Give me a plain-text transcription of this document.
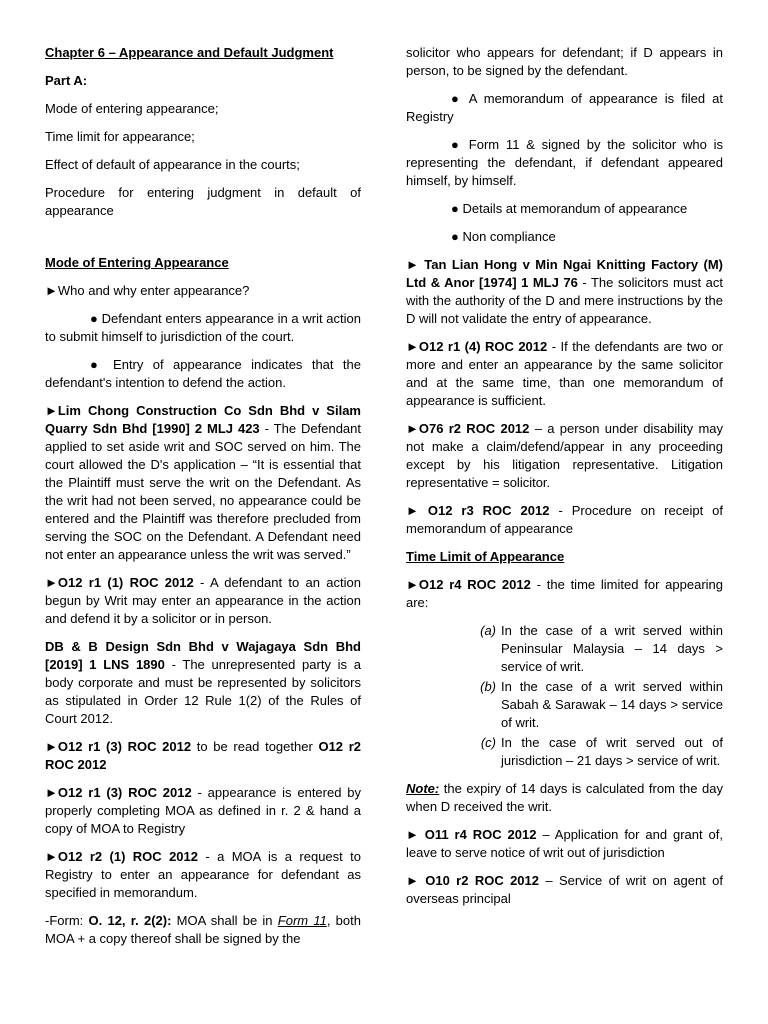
Chapter 6 – Appearance and Default Judgment

Part A:

Mode of entering appearance;

Time limit for appearance;

Effect of default of appearance in the courts;

Procedure for entering judgment in default of appearance

Mode of Entering Appearance

►Who and why enter appearance?

● Defendant enters appearance in a writ action to submit himself to jurisdiction of the court.

● Entry of appearance indicates that the defendant's intention to defend the action.

►Lim Chong Construction Co Sdn Bhd v Silam Quarry Sdn Bhd [1990] 2 MLJ 423 - The Defendant applied to set aside writ and SOC served on him. The court allowed the D's application – “It is essential that the Plaintiff must serve the writ on the Defendant. As the writ had not been served, no appearance could be entered and the Plaintiff was therefore precluded from serving the SOC on the Defendant. A Defendant need not enter an appearance unless the writ was served.”

►O12 r1 (1) ROC 2012 - A defendant to an action begun by Writ may enter an appearance in the action and defend it by a solicitor or in person.

DB & B Design Sdn Bhd v Wajagaya Sdn Bhd [2019] 1 LNS 1890 - The unrepresented party is a body corporate and must be represented by solicitors as stipulated in Order 12 Rule 1(2) of the Rules of Court 2012.

►O12 r1 (3) ROC 2012 to be read together O12 r2 ROC 2012

►O12 r1 (3) ROC 2012 - appearance is entered by properly completing MOA as defined in r. 2 & hand a copy of MOA to Registry

►O12 r2 (1) ROC 2012 - a MOA is a request to Registry to enter an appearance for defendant as specified in memorandum.

-Form: O. 12, r. 2(2): MOA shall be in Form 11, both MOA + a copy thereof shall be signed by the

solicitor who appears for defendant; if D appears in person, to be signed by the defendant.

● A memorandum of appearance is filed at Registry

● Form 11 & signed by the solicitor who is representing the defendant, if defendant appeared himself, by himself.

● Details at memorandum of appearance

● Non compliance

► Tan Lian Hong v Min Ngai Knitting Factory (M) Ltd & Anor [1974] 1 MLJ 76 - The solicitors must act with the authority of the D and mere instructions by the D will not validate the entry of appearance.

►O12 r1 (4) ROC 2012 - If the defendants are two or more and enter an appearance by the same solicitor and at the same time, than one memorandum of appearance is sufficient.

►O76 r2 ROC 2012 – a person under disability may not make a claim/defend/appear in any proceeding except by his litigation representative. Litigation representative = solicitor.

► O12 r3 ROC 2012 - Procedure on receipt of memorandum of appearance

Time Limit of Appearance

►O12 r4 ROC 2012 - the time limited for appearing are:

(a) In the case of a writ served within Peninsular Malaysia – 14 days > service of writ.
(b) In the case of a writ served within Sabah & Sarawak – 14 days > service of writ.
(c) In the case of writ served out of jurisdiction – 21 days > service of writ.

Note: the expiry of 14 days is calculated from the day when D received the writ.

► O11 r4 ROC 2012 – Application for and grant of, leave to serve notice of writ out of jurisdiction

► O10 r2 ROC 2012 – Service of writ on agent of overseas principal
